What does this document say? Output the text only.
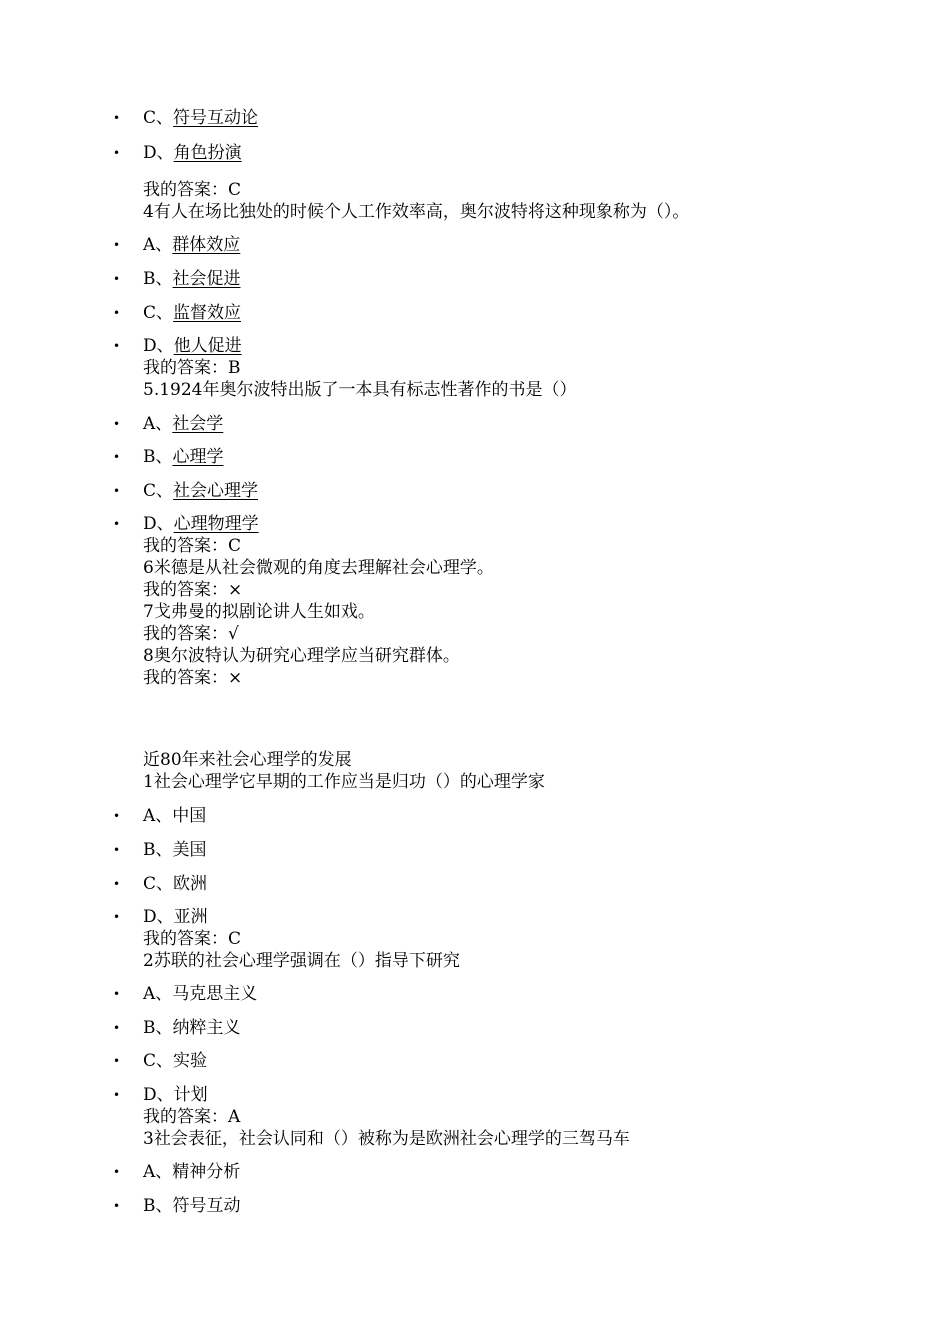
• C、符号互动论
• D、角色扮演
我的答案：C
4有人在场比独处的时候个人工作效率高，奥尔波特将这种现象称为（）。
• A、群体效应
• B、社会促进
• C、监督效应
• D、他人促进
我的答案：B
5.1924年奥尔波特出版了一本具有标志性著作的书是（）
• A、社会学
• B、心理学
• C、社会心理学
• D、心理物理学
我的答案：C
6米德是从社会微观的角度去理解社会心理学。
我的答案：×
7戈弗曼的拟剧论讲人生如戏。
我的答案：√
8奥尔波特认为研究心理学应当研究群体。
我的答案：×
近80年来社会心理学的发展
1社会心理学它早期的工作应当是归功（）的心理学家
• A、中国
• B、美国
• C、欧洲
• D、亚洲
我的答案：C
2苏联的社会心理学强调在（）指导下研究
• A、马克思主义
• B、纳粹主义
• C、实验
• D、计划
我的答案：A
3社会表征，社会认同和（）被称为是欧洲社会心理学的三驾马车
• A、精神分析
• B、符号互动
